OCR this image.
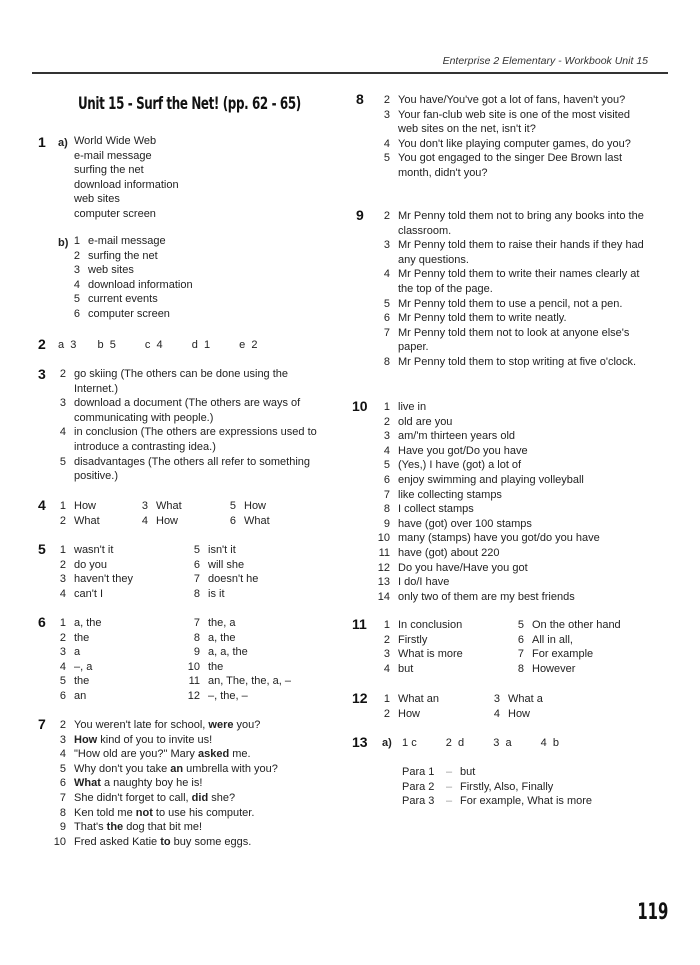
Enterprise 2 Elementary - Workbook Unit 15
Unit 15 - Surf the Net! (pp. 62 - 65)
1 a) World Wide Web
e-mail message
surfing the net
download information
web sites
computer screen
b) 1 e-mail message
2 surfing the net
3 web sites
4 download information
5 current events
6 computer screen
2 a 3 b 5	c 4	d 1	e 2
3	2 go skiing (The others can be done using the Internet.)
3 download a document (The others are ways of communicating with people.)
4 in conclusion (The others are expressions used to introduce a contrasting idea.)
5 disadvantages (The others all refer to something positive.)
4	1 How	3 What	5 How
2 What	4 How	6 What
5	1 wasn't it	5 isn't it
2 do you	6 will she
3 haven't they	7 doesn't he
4 can't I	8 is it
6	1 a, the	7 the, a
2 the	8 a, the
3 a	9 a, a, the
4 –, a	10 the
5 the	11 an, The, the, a, –
6 an	12 –, the, –
7	2 You weren't late for school, were you?
3 How kind of you to invite us!
4 "How old are you?" Mary asked me.
5 Why don't you take an umbrella with you?
6 What a naughty boy he is!
7 She didn't forget to call, did she?
8 Ken told me not to use his computer.
9 That's the dog that bit me!
10 Fred asked Katie to buy some eggs.
8	2 You have/You've got a lot of fans, haven't you?
3 Your fan-club web site is one of the most visited web sites on the net, isn't it?
4 You don't like playing computer games, do you?
5 You got engaged to the singer Dee Brown last month, didn't you?
9	2 Mr Penny told them not to bring any books into the classroom.
3 Mr Penny told them to raise their hands if they had any questions.
4 Mr Penny told them to write their names clearly at the top of the page.
5 Mr Penny told them to use a pencil, not a pen.
6 Mr Penny told them to write neatly.
7 Mr Penny told them not to look at anyone else's paper.
8 Mr Penny told them to stop writing at five o'clock.
10	1 live in
2 old are you
3 am/'m thirteen years old
4 Have you got/Do you have
5 (Yes,) I have (got) a lot of
6 enjoy swimming and playing volleyball
7 like collecting stamps
8 I collect stamps
9 have (got) over 100 stamps
10 many (stamps) have you got/do you have
11 have (got) about 220
12 Do you have/Have you got
13 I do/I have
14 only two of them are my best friends
11	1 In conclusion	5 On the other hand
2 Firstly	6 All in all,
3 What is more	7 For example
4 but	8 However
12	1 What an	3 What a
2 How	4 How
13 a) 1 c	2 d	3 a	4 b
Para 1 – but
Para 2 – Firstly, Also, Finally
Para 3 – For example, What is more
119
